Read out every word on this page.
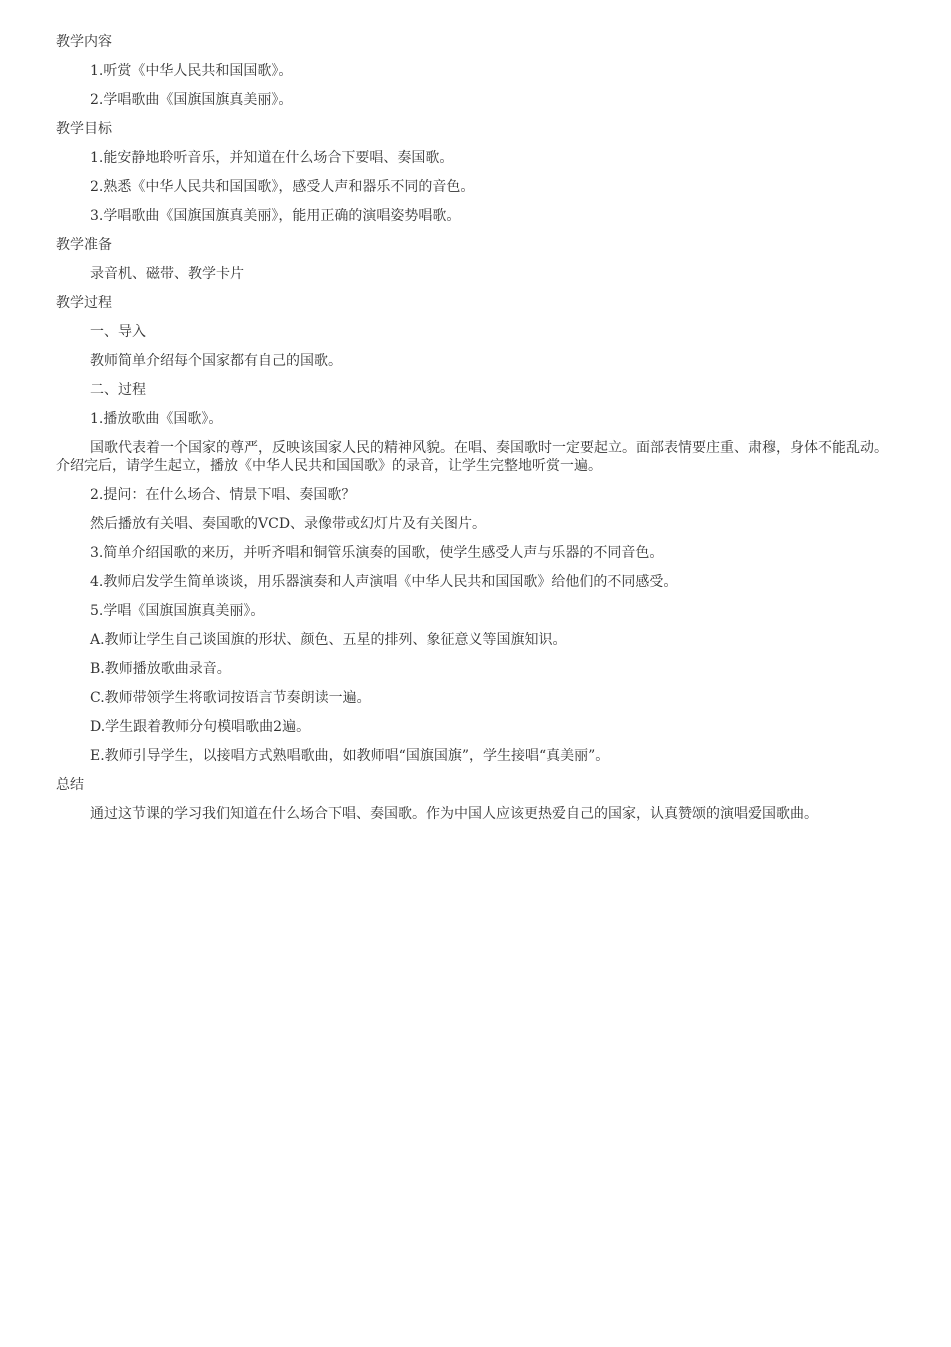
教学内容

1.听赏《中华人民共和国国歌》。

2.学唱歌曲《国旗国旗真美丽》。

教学目标

1.能安静地聆听音乐，并知道在什么场合下要唱、奏国歌。

2.熟悉《中华人民共和国国歌》，感受人声和器乐不同的音色。

3.学唱歌曲《国旗国旗真美丽》，能用正确的演唱姿势唱歌。

教学准备

录音机、磁带、教学卡片

教学过程

一、导入

教师简单介绍每个国家都有自己的国歌。

二、过程

1.播放歌曲《国歌》。

国歌代表着一个国家的尊严，反映该国家人民的精神风貌。在唱、奏国歌时一定要起立。面部表情要庄重、肃穆，身体不能乱动。介绍完后，请学生起立，播放《中华人民共和国国歌》的录音，让学生完整地听赏一遍。

2.提问：在什么场合、情景下唱、奏国歌？

然后播放有关唱、奏国歌的VCD、录像带或幻灯片及有关图片。

3.简单介绍国歌的来历，并听齐唱和铜管乐演奏的国歌，使学生感受人声与乐器的不同音色。

4.教师启发学生简单谈谈，用乐器演奏和人声演唱《中华人民共和国国歌》给他们的不同感受。

5.学唱《国旗国旗真美丽》。

A.教师让学生自己谈国旗的形状、颜色、五星的排列、象征意义等国旗知识。

B.教师播放歌曲录音。

C.教师带领学生将歌词按语言节奏朗读一遍。

D.学生跟着教师分句模唱歌曲2遍。

E.教师引导学生，以接唱方式熟唱歌曲，如教师唱“国旗国旗”，学生接唱“真美丽”。

总结

通过这节课的学习我们知道在什么场合下唱、奏国歌。作为中国人应该更热爱自己的国家，认真赞颂的演唱爱国歌曲。
